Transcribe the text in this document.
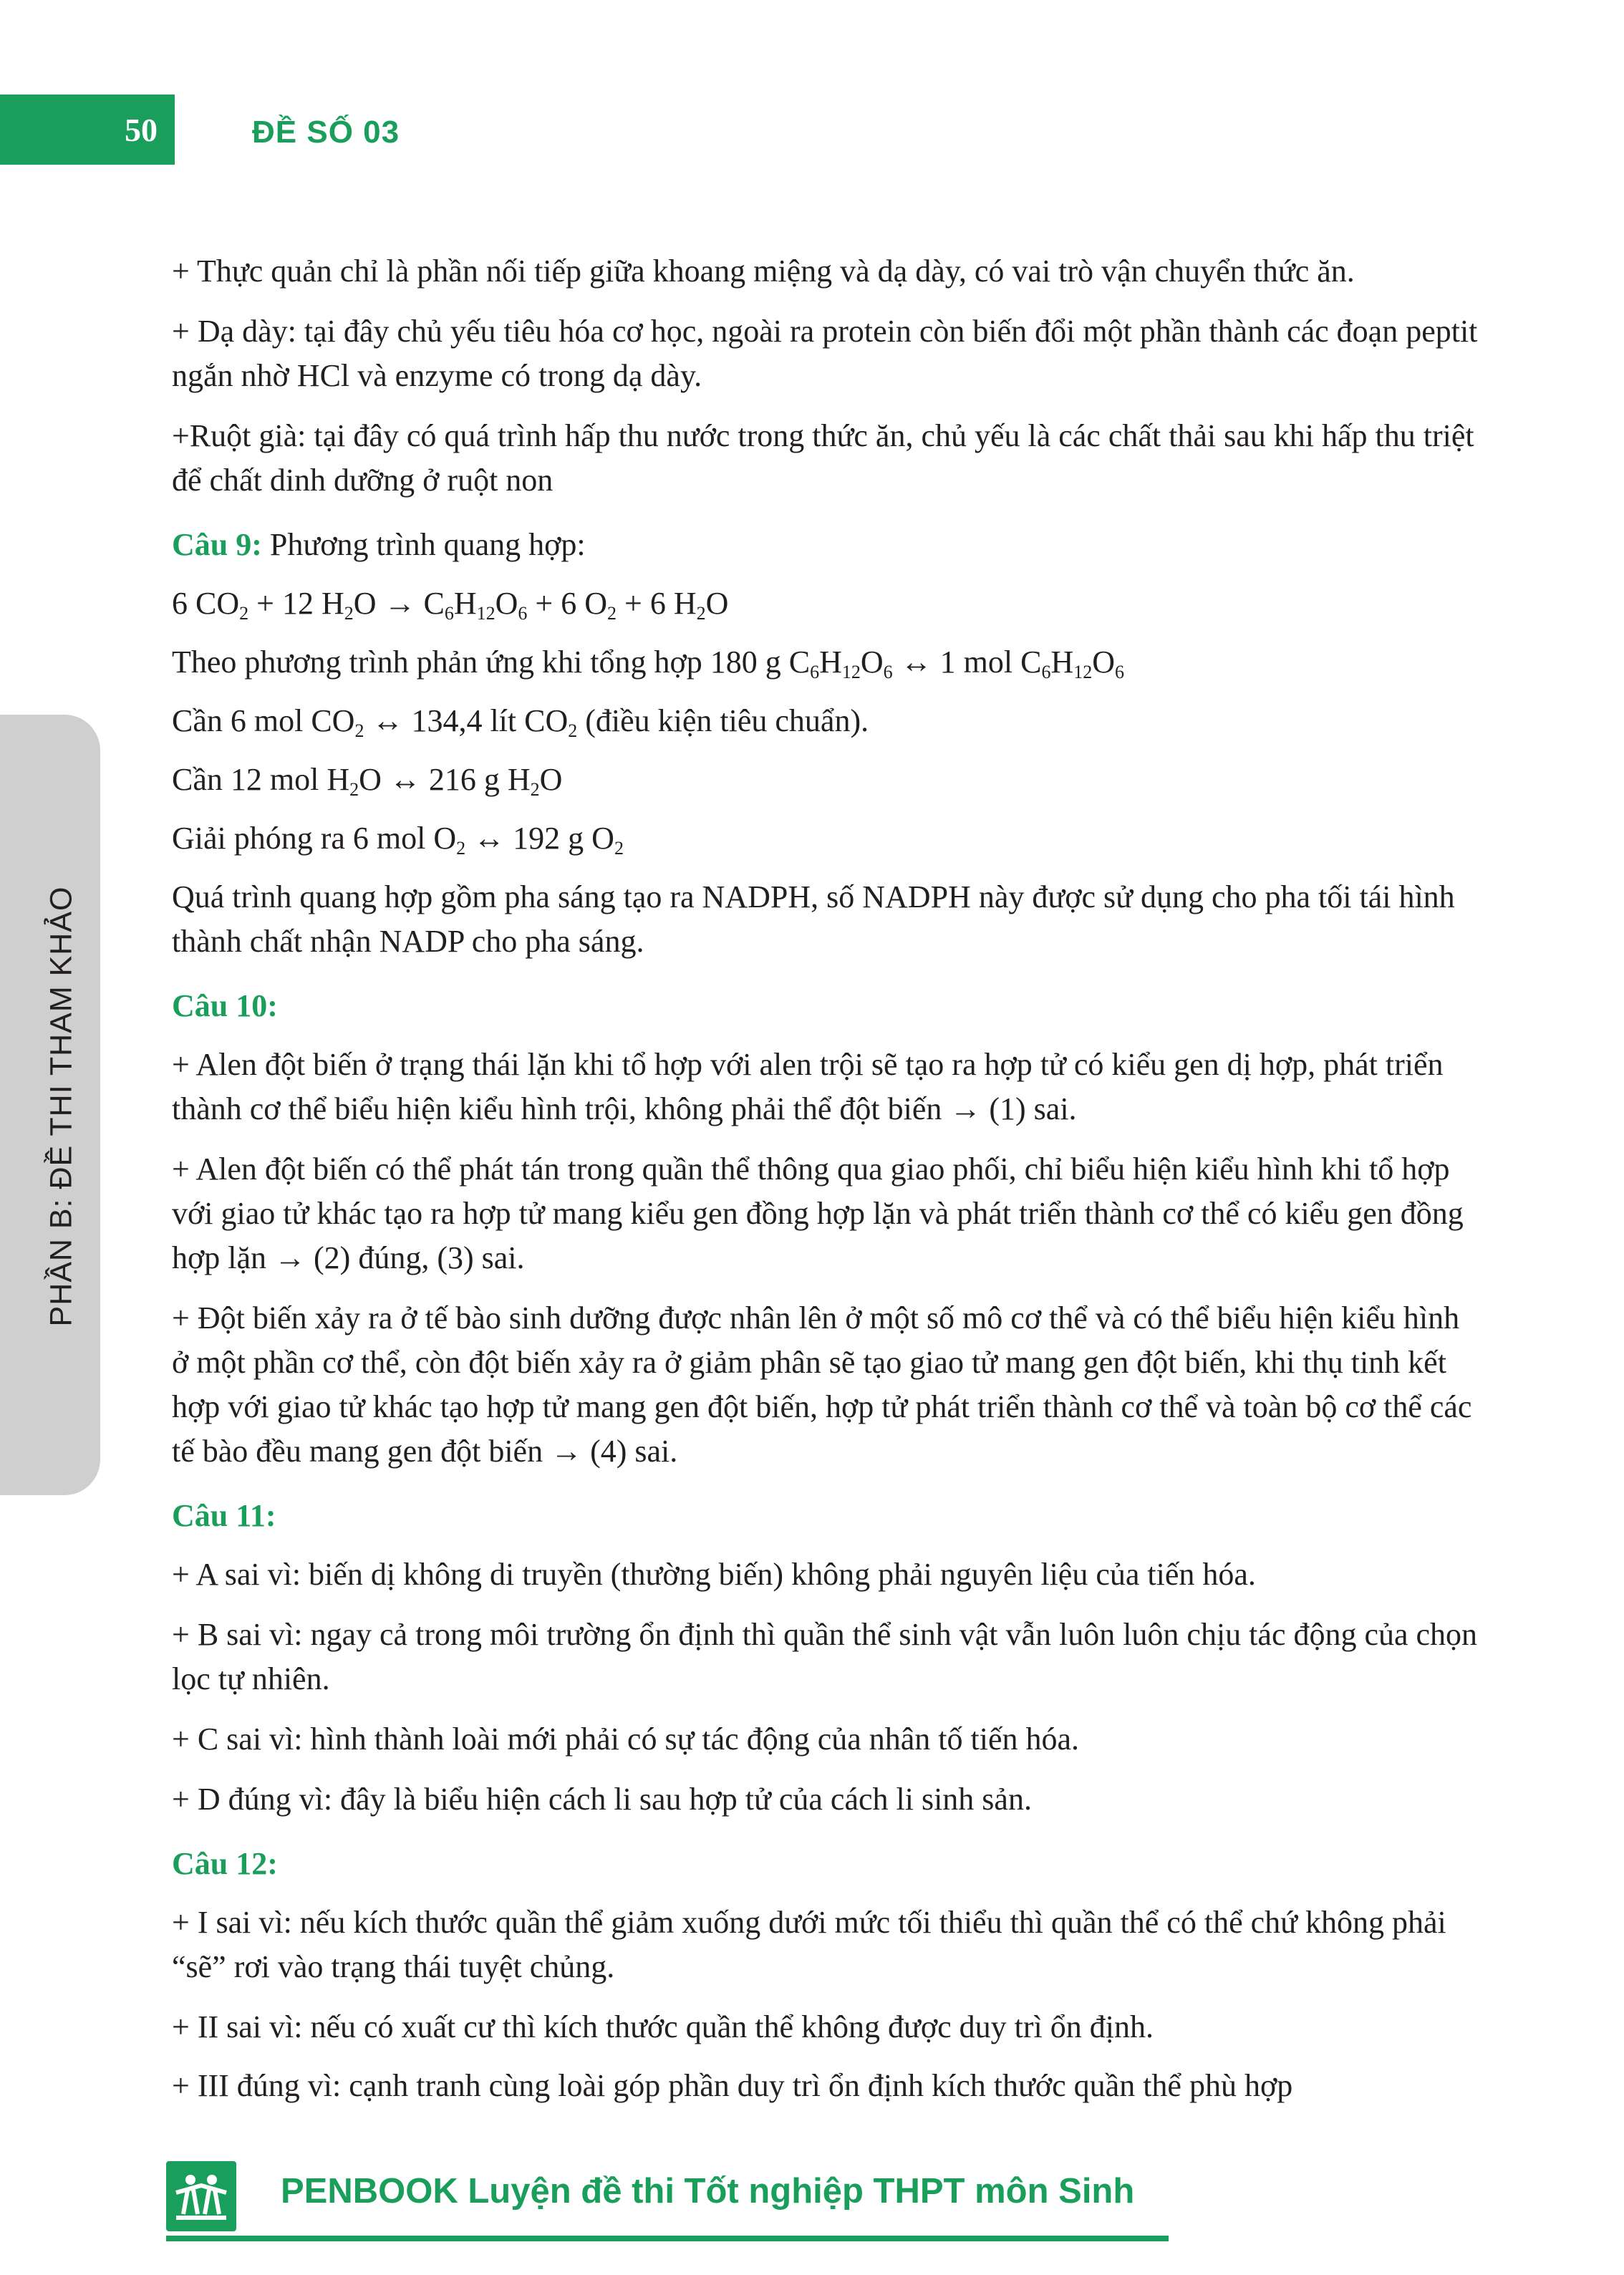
50	ĐỀ SỐ 03
PHẦN B: ĐỀ THI THAM KHẢO

+ Thực quản chỉ là phần nối tiếp giữa khoang miệng và dạ dày, có vai trò vận chuyển thức ăn.

+ Dạ dày: tại đây chủ yếu tiêu hóa cơ học, ngoài ra protein còn biến đổi một phần thành các đoạn peptit ngắn nhờ HCl và enzyme có trong dạ dày.

+Ruột già: tại đây có quá trình hấp thu nước trong thức ăn, chủ yếu là các chất thải sau khi hấp thu triệt để chất dinh dưỡng ở ruột non

Câu 9: Phương trình quang hợp:

6 $CO_2 + 12$ $H_2O \to C_6H_{12}O_6 + 6$ $O_2 + 6$ $H_2O$

Theo phương trình phản ứng khi tổng hợp 180 g $C_6H_{12}O_6$ ↔ 1 mol $C_6H_{12}O_6$

Cần 6 mol $CO_2$ ↔ 134,4 lít $CO_2$ (điều kiện tiêu chuẩn).

Cần 12 mol $H_2O$ ↔ 216 g $H_2O$

Giải phóng ra 6 mol $O_2$ ↔ 192 g $O_2$

Quá trình quang hợp gồm pha sáng tạo ra NADPH, số NADPH này được sử dụng cho pha tối tái hình thành chất nhận NADP cho pha sáng.

Câu 10:

+ Alen đột biến ở trạng thái lặn khi tổ hợp với alen trội sẽ tạo ra hợp tử có kiểu gen dị hợp, phát triển thành cơ thể biểu hiện kiểu hình trội, không phải thể đột biến → (1) sai.

+ Alen đột biến có thể phát tán trong quần thể thông qua giao phối, chỉ biểu hiện kiểu hình khi tổ hợp với giao tử khác tạo ra hợp tử mang kiểu gen đồng hợp lặn và phát triển thành cơ thể có kiểu gen đồng hợp lặn → (2) đúng, (3) sai.

+ Đột biến xảy ra ở tế bào sinh dưỡng được nhân lên ở một số mô cơ thể và có thể biểu hiện kiểu hình ở một phần cơ thể, còn đột biến xảy ra ở giảm phân sẽ tạo giao tử mang gen đột biến, khi thụ tinh kết hợp với giao tử khác tạo hợp tử mang gen đột biến, hợp tử phát triển thành cơ thể và toàn bộ cơ thể các tế bào đều mang gen đột biến → (4) sai.

Câu 11:

+ A sai vì: biến dị không di truyền (thường biến) không phải nguyên liệu của tiến hóa.

+ B sai vì: ngay cả trong môi trường ổn định thì quần thể sinh vật vẫn luôn luôn chịu tác động của chọn lọc tự nhiên.

+ C sai vì: hình thành loài mới phải có sự tác động của nhân tố tiến hóa.

+ D đúng vì: đây là biểu hiện cách li sau hợp tử của cách li sinh sản.

Câu 12:

+ I sai vì: nếu kích thước quần thể giảm xuống dưới mức tối thiểu thì quần thể có thể chứ không phải “sẽ” rơi vào trạng thái tuyệt chủng.

+ II sai vì: nếu có xuất cư thì kích thước quần thể không được duy trì ổn định.

+ III đúng vì: cạnh tranh cùng loài góp phần duy trì ổn định kích thước quần thể phù hợp

PENBOOK Luyện đề thi Tốt nghiệp THPT môn Sinh
